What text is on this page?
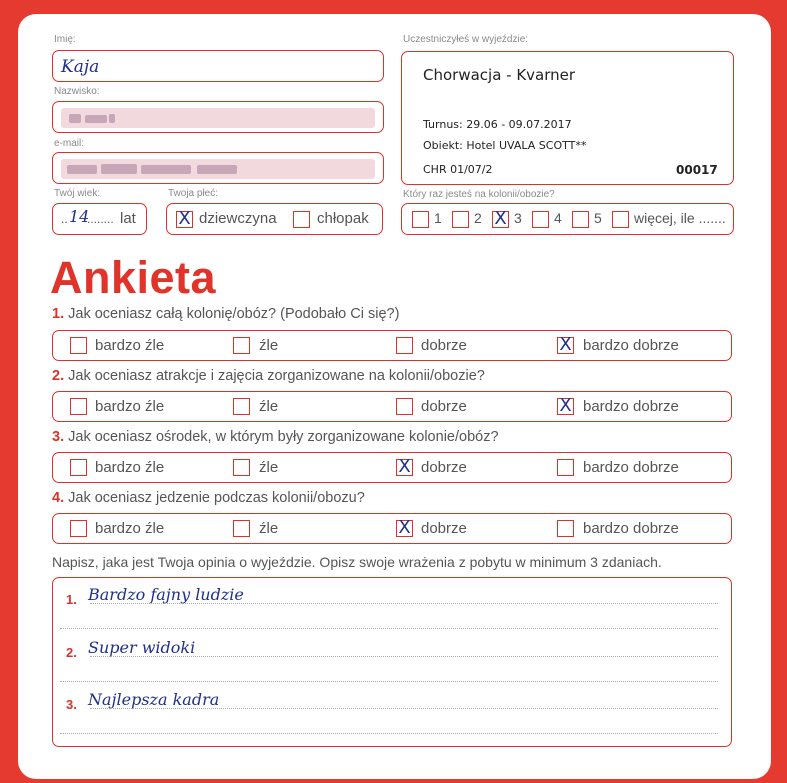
Imię:
Kaja
Nazwisko:
e-mail:
Twój wiek:
.. 14
........ lat
Twoja płeć:
X dziewczyna	chłopak
Uczestniczyłeś w wyjeździe:
Chorwacja - Kvarner
Turnus: 29.06 - 09.07.2017
Obiekt: Hotel UVALA SCOTT**
CHR 01/07/2	00017
Który raz jesteś na kolonii/obozie?
1 2 X 3 4 5 więcej, ile .......
Ankieta
1. Jak oceniasz całą kolonię/obóz? (Podobało Ci się?)
bardzo źle	źle	dobrze	X bardzo dobrze
2. Jak oceniasz atrakcje i zajęcia zorganizowane na kolonii/obozie?
bardzo źle	źle	dobrze	X bardzo dobrze
3. Jak oceniasz ośrodek, w którym były zorganizowane kolonie/obóz?
bardzo źle	źle	X dobrze	bardzo dobrze
4. Jak oceniasz jedzenie podczas kolonii/obozu?
bardzo źle	źle	X dobrze	bardzo dobrze
Napisz, jaka jest Twoja opinia o wyjeździe. Opisz swoje wrażenia z pobytu w minimum 3 zdaniach.
1. Bardzo fajny ludzie
2. Super widoki
3. Najlepsza kadra
